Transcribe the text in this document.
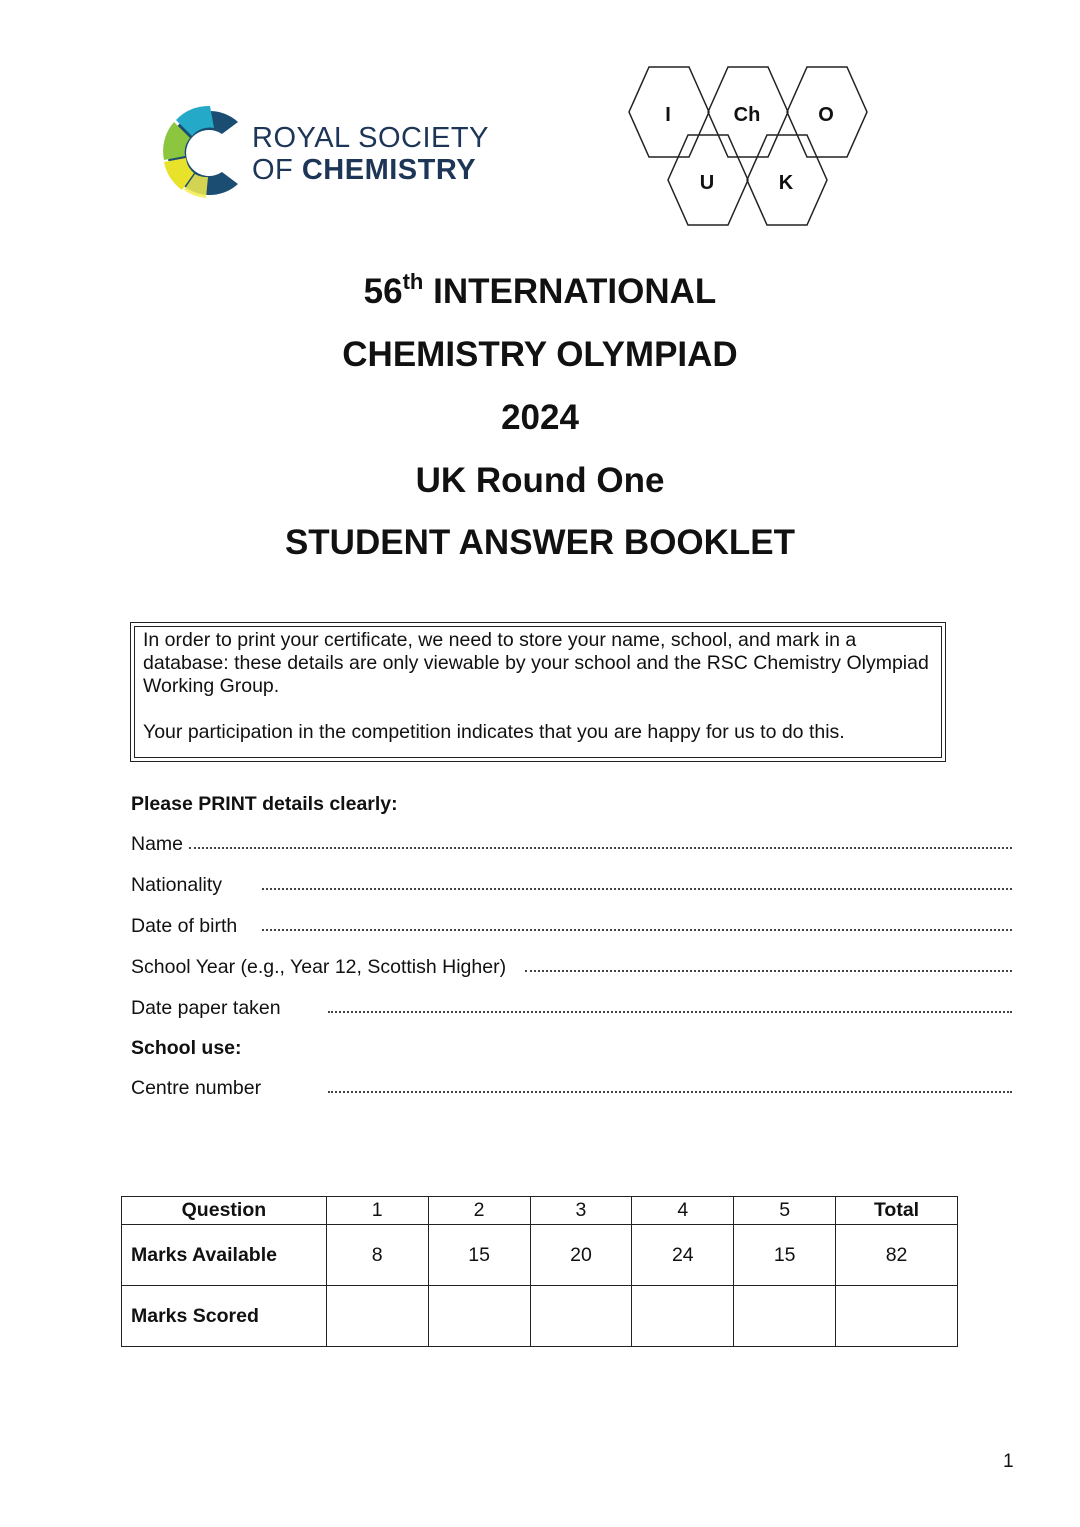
ROYAL SOCIETY
OF CHEMISTRY
I	Ch	O
U	K
56th INTERNATIONAL
CHEMISTRY OLYMPIAD
2024
UK Round One
STUDENT ANSWER BOOKLET

In order to print your certificate, we need to store your name, school, and mark in a database: these details are only viewable by your school and the RSC Chemistry Olympiad Working Group.

Your participation in the competition indicates that you are happy for us to do this.

Please PRINT details clearly:
Name
Nationality
Date of birth
School Year (e.g., Year 12, Scottish Higher)
Date paper taken
School use:
Centre number
Question	1	2	3	4	5	Total
Marks Available	8	15	20	24	15	82
Marks Scored						
1
